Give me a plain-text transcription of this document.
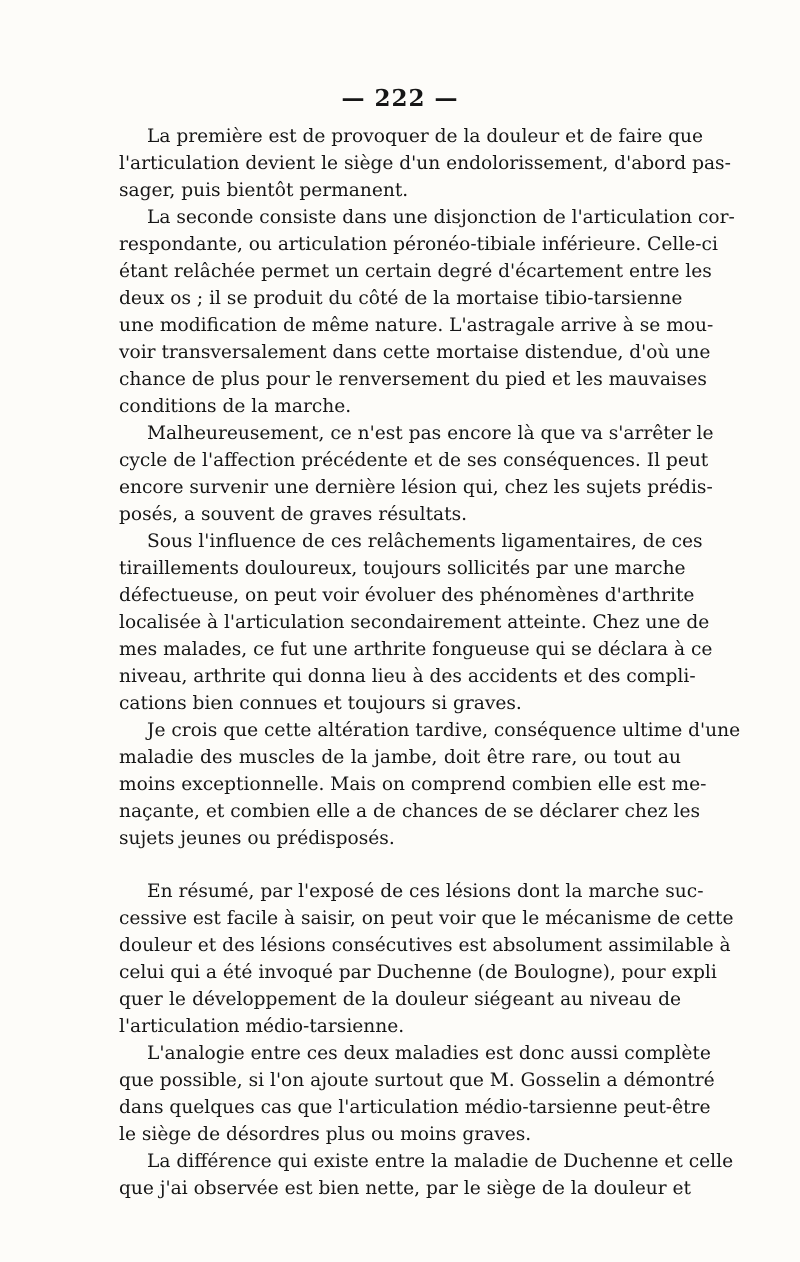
— 222 —
La première est de provoquer de la douleur et de faire que
l'articulation devient le siège d'un endolorissement, d'abord pas-
sager, puis bientôt permanent.
La seconde consiste dans une disjonction de l'articulation cor-
respondante, ou articulation péronéo-tibiale inférieure. Celle-ci
étant relâchée permet un certain degré d'écartement entre les
deux os ; il se produit du côté de la mortaise tibio-tarsienne
une modification de même nature. L'astragale arrive à se mou-
voir transversalement dans cette mortaise distendue, d'où une
chance de plus pour le renversement du pied et les mauvaises
conditions de la marche.
Malheureusement, ce n'est pas encore là que va s'arrêter le
cycle de l'affection précédente et de ses conséquences. Il peut
encore survenir une dernière lésion qui, chez les sujets prédis-
posés, a souvent de graves résultats.
Sous l'influence de ces relâchements ligamentaires, de ces
tiraillements douloureux, toujours sollicités par une marche
défectueuse, on peut voir évoluer des phénomènes d'arthrite
localisée à l'articulation secondairement atteinte. Chez une de
mes malades, ce fut une arthrite fongueuse qui se déclara à ce
niveau, arthrite qui donna lieu à des accidents et des compli-
cations bien connues et toujours si graves.
Je crois que cette altération tardive, conséquence ultime d'une
maladie des muscles de la jambe, doit être rare, ou tout au
moins exceptionnelle. Mais on comprend combien elle est me-
naçante, et combien elle a de chances de se déclarer chez les
sujets jeunes ou prédisposés.
En résumé, par l'exposé de ces lésions dont la marche suc-
cessive est facile à saisir, on peut voir que le mécanisme de cette
douleur et des lésions consécutives est absolument assimilable à
celui qui a été invoqué par Duchenne (de Boulogne), pour expli
quer le développement de la douleur siégeant au niveau de
l'articulation médio-tarsienne.
L'analogie entre ces deux maladies est donc aussi complète
que possible, si l'on ajoute surtout que M. Gosselin a démontré
dans quelques cas que l'articulation médio-tarsienne peut-être
le siège de désordres plus ou moins graves.
La différence qui existe entre la maladie de Duchenne et celle
que j'ai observée est bien nette, par le siège de la douleur et
